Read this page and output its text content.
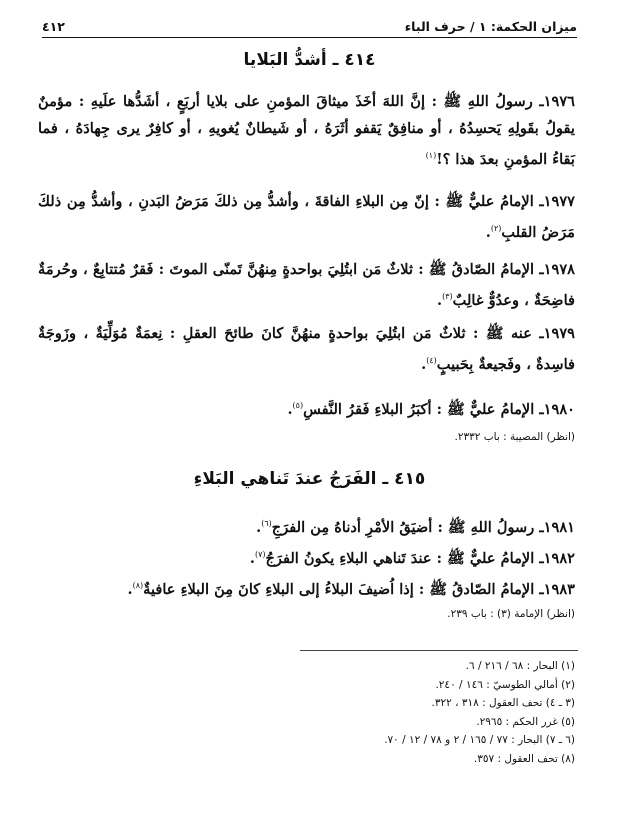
ميزان الحكمة: ١ / حرف الباء
٤١٢
٤١٤ ـ أشدُّ البَلايا
١٩٧٦ـ رسولُ اللهِ ﷺ : إنَّ اللهَ أخَذَ ميثاقَ المؤمنِ على بلايا أربَعٍ ، أشَدُّها علَيهِ : مؤمنٌ يقولُ بقَولِهِ يَحسِدُهُ ، أو منافِقٌ يَقفو أثَرَهُ ، أو شَيطانٌ يُغويهِ ، أو كافِرٌ يرى جِهادَهُ ، فما بَقاءُ المؤمنِ بعدَ هذا ؟!$^{(١)}$
١٩٧٧ـ الإمامُ عليٌّ ﷺ : إنّ مِن البلاءِ الفاقةَ ، وأشدُّ مِن ذلكَ مَرَضُ البَدنِ ، وأشدُّ مِن ذلكَ مَرَضُ القلبِ$^{(٢)}$.
١٩٧٨ـ الإمامُ الصّادقُ ﷺ : ثلاثٌ مَن ابتُلِيَ بواحدةٍ مِنهُنَّ تَمنّى الموتَ : فَقرٌ مُتتابِعٌ ، وحُرمَةٌ فاضِحَةٌ ، وعدُوٌّ غالِبٌ$^{(٣)}$.
١٩٧٩ـ عنه ﷺ : ثلاثٌ مَن ابتُلِيَ بواحدةٍ منهُنَّ كانَ طائحَ العقلِ : نِعمَةٌ مُوَلِّيَةٌ ، وزَوجَةٌ فاسِدةٌ ، وفَجيعةٌ بِحَبيبٍ$^{(٤)}$.
١٩٨٠ـ الإمامُ عليٌّ ﷺ : أكبَرُ البلاءِ فَقرُ النَّفسِ$^{(٥)}$.
(انظر) المصيبة : باب ٢٣٣٢.
٤١٥ ـ الفَرَجُ عندَ تَناهي البَلاءِ
١٩٨١ـ رسولُ اللهِ ﷺ : أضيَقُ الأمْرِ أدناهُ مِن الفرَجِ$^{(٦)}$.
١٩٨٢ـ الإمامُ عليٌّ ﷺ : عندَ تَناهي البلاءِ يكونُ الفرَجُ$^{(٧)}$.
١٩٨٣ـ الإمامُ الصّادقُ ﷺ : إذا اُضيفَ البلاءُ إلى البلاءِ كانَ مِنَ البلاءِ عافيةٌ$^{(٨)}$.
(انظر) الإمامة (٣) : باب ٢٣٩.
(١) البحار : ٦٨ / ٢١٦ / ٦.
(٢) أمالي الطوسيّ : ١٤٦ / ٢٤٠.
(٣ ـ ٤) تحف العقول : ٣١٨ ، ٣٢٢.
(٥) غرر الحكم : ٢٩٦٥.
(٦ ـ ٧) البحار : ٧٧ / ١٦٥ / ٢ و ٧٨ / ١٢ / ٧٠.
(٨) تحف العقول : ٣٥٧.
